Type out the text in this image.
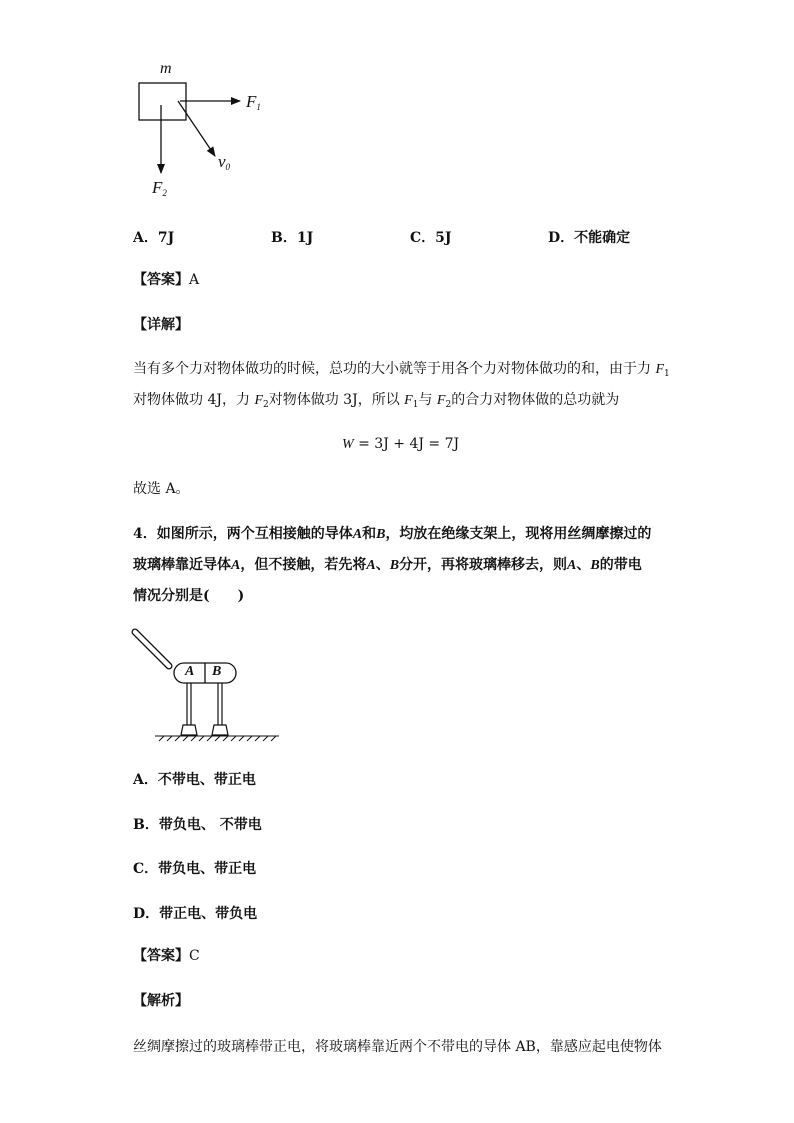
m
$F_1$
$F_2$
$v_0$
A．7J	B．1J	C．5J	D．不能确定
【答案】A
【详解】
当有多个力对物体做功的时候，总功的大小就等于用各个力对物体做功的和，由于力 $F_1$
对物体做功 4J，力 $F_2$对物体做功 3J，所以 $F_1$与 $F_2$的合力对物体做的总功就为
W = 3J + 4J = 7J
故选 A。
4．如图所示，两个互相接触的导体A和B，均放在绝缘支架上，现将用丝绸摩擦过的
玻璃棒靠近导体A，但不接触，若先将A、B分开，再将玻璃棒移去，则A、B的带电
情况分别是(　　)
A B
A．不带电、带正电
B．带负电、 不带电
C．带负电、带正电
D．带正电、带负电
【答案】C
【解析】
丝绸摩擦过的玻璃棒带正电，将玻璃棒靠近两个不带电的导体 AB，靠感应起电使物体
